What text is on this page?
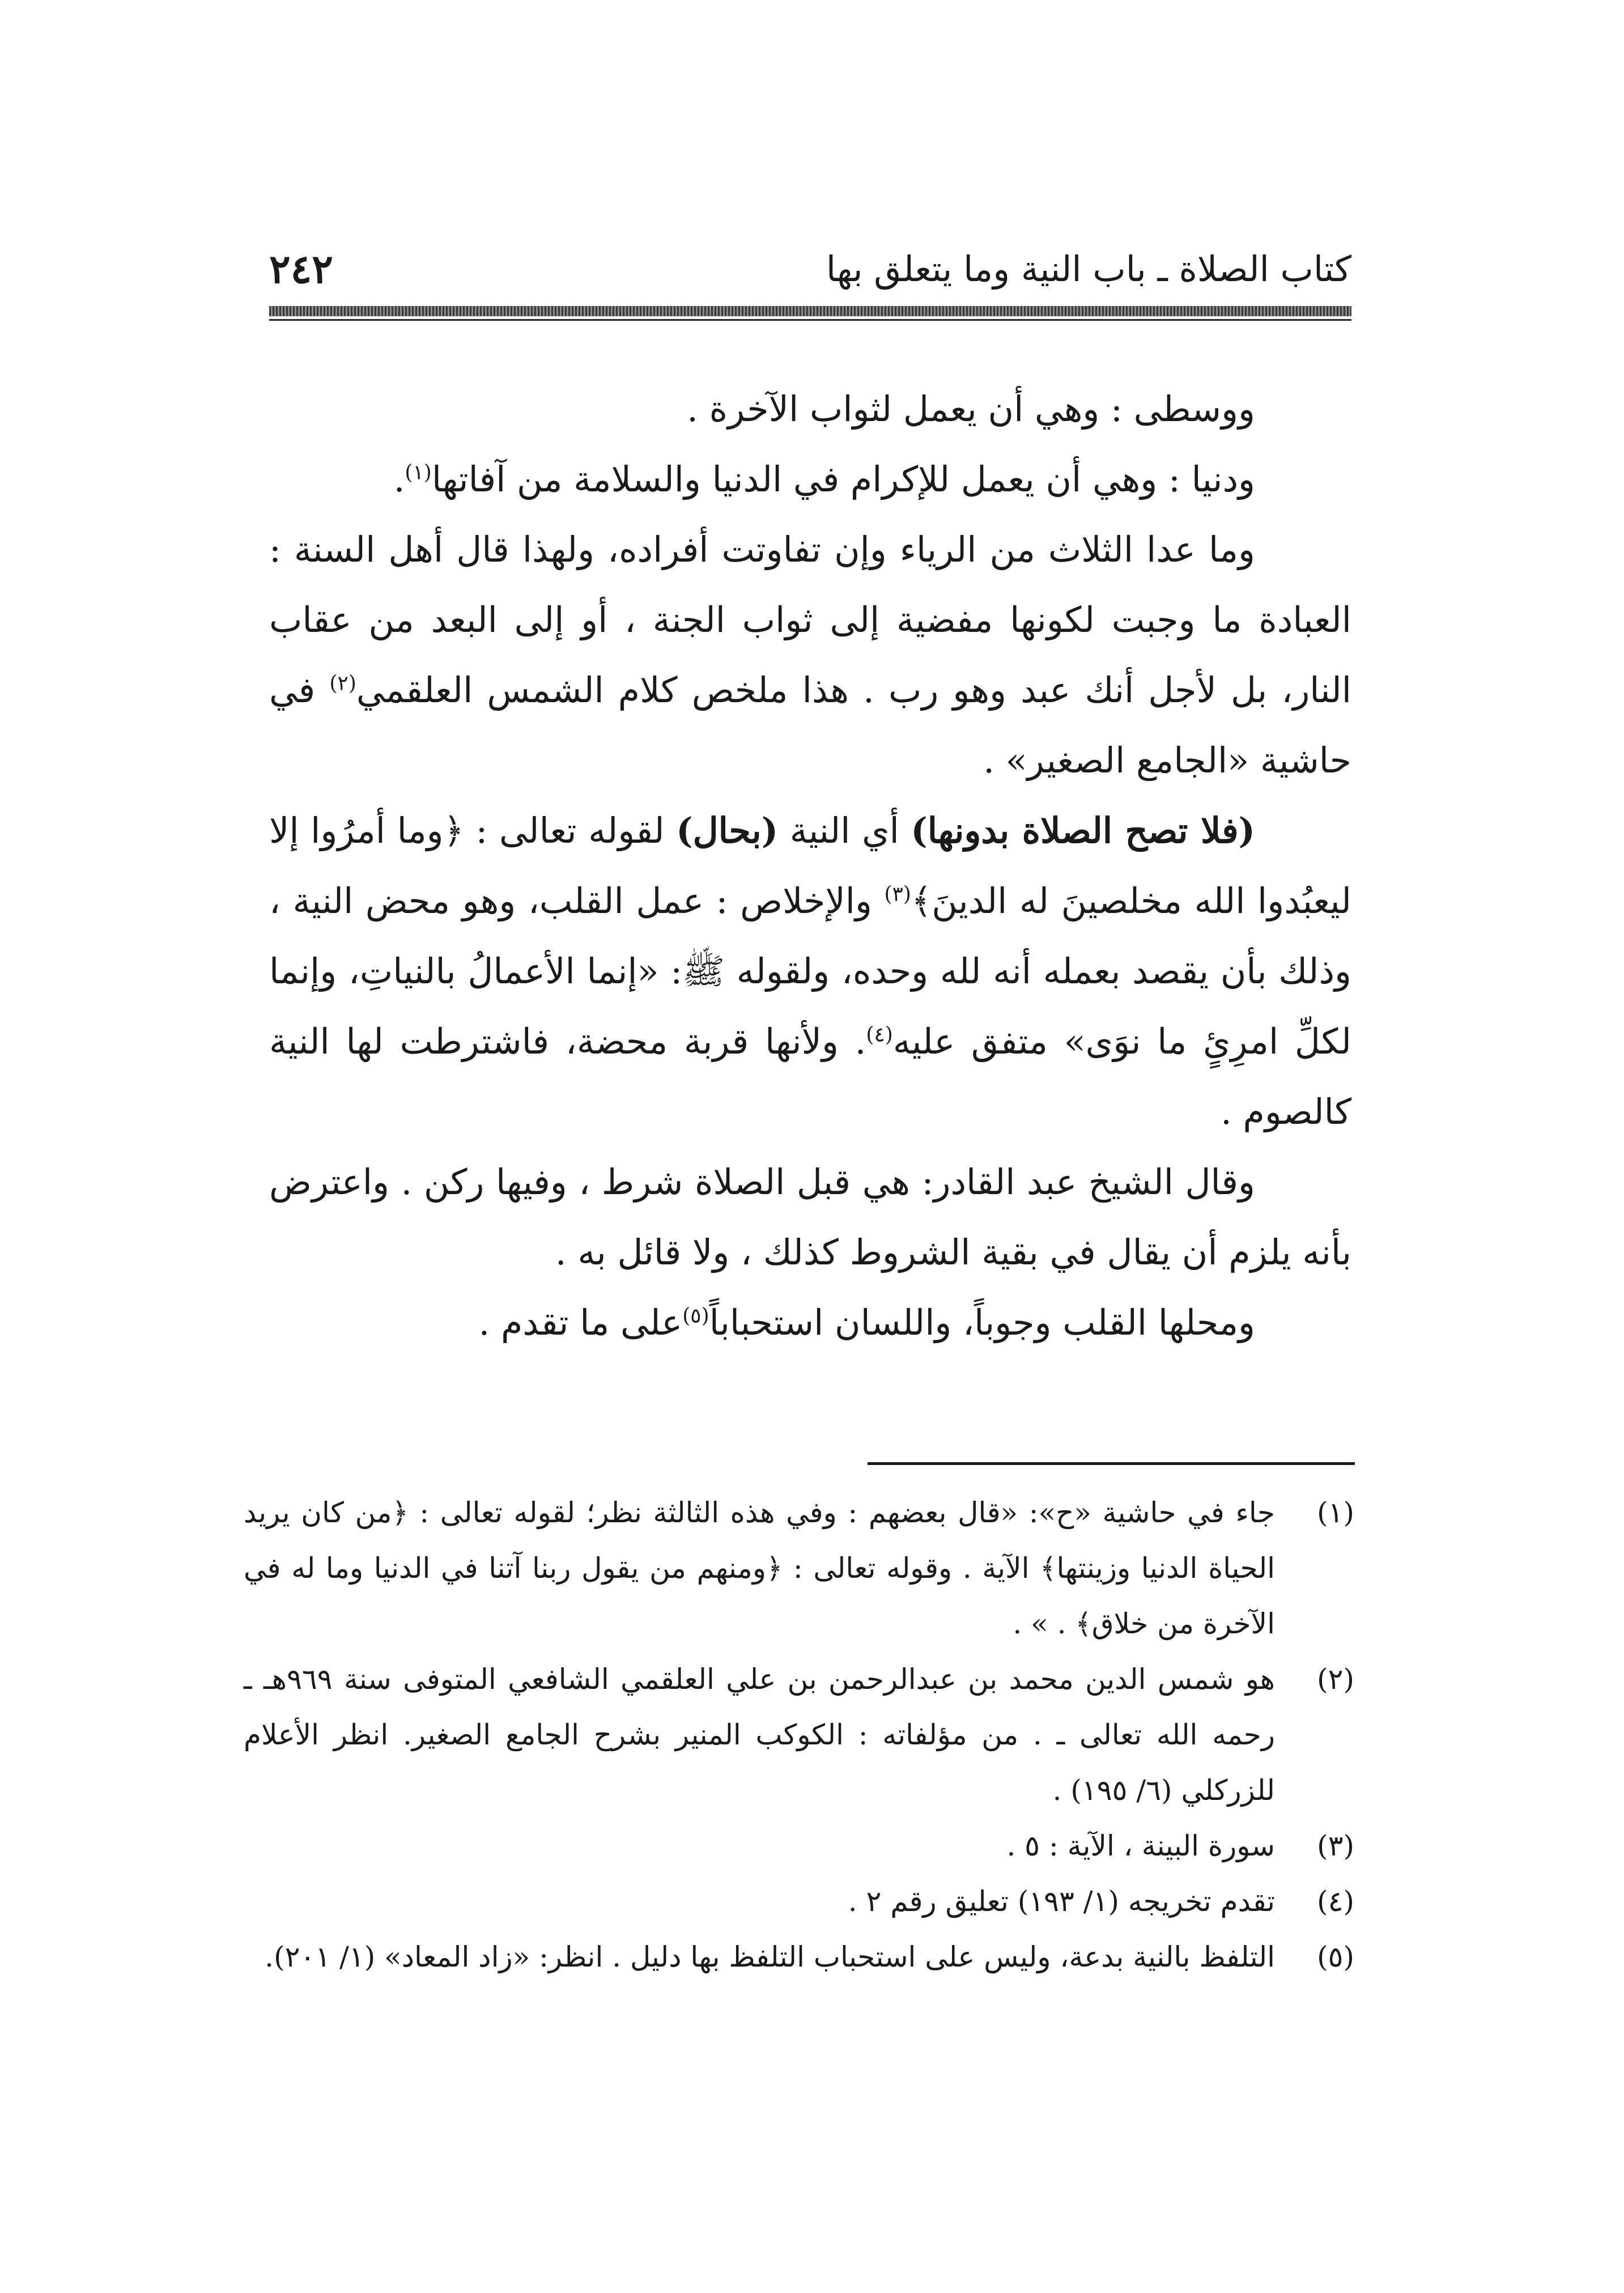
كتاب الصلاة ـ باب النية وما يتعلق بها
٢٤٢

ووسطى : وهي أن يعمل لثواب الآخرة .

ودنيا : وهي أن يعمل للإكرام في الدنيا والسلامة من آفاتها$^{(١)}$.

وما عدا الثلاث من الرياء وإن تفاوتت أفراده، ولهذا قال أهل السنة : العبادة ما وجبت لكونها مفضية إلى ثواب الجنة ، أو إلى البعد من عقاب النار، بل لأجل أنك عبد وهو رب . هذا ملخص كلام الشمس العلقمي$^{(٢)}$ في حاشية «الجامع الصغير» .

(فلا تصح الصلاة بدونها) أي النية (بحال) لقوله تعالى : ﴿وما أمرُوا إلا ليعبُدوا الله مخلصينَ له الدينَ﴾$^{(٣)}$ والإخلاص : عمل القلب، وهو محض النية ، وذلك بأن يقصد بعمله أنه لله وحده، ولقوله ﷺ: «إنما الأعمالُ بالنياتِ، وإنما لكلِّ امرِئٍ ما نوَى» متفق عليه$^{(٤)}$. ولأنها قربة محضة، فاشترطت لها النية كالصوم .

وقال الشيخ عبد القادر: هي قبل الصلاة شرط ، وفيها ركن . واعترض بأنه يلزم أن يقال في بقية الشروط كذلك ، ولا قائل به .

ومحلها القلب وجوباً، واللسان استحباباً$^{(٥)}$على ما تقدم .

(١)
جاء في حاشية «ح»: «قال بعضهم : وفي هذه الثالثة نظر؛ لقوله تعالى : ﴿من كان يريد الحياة الدنيا وزينتها﴾ الآية . وقوله تعالى : ﴿ومنهم من يقول ربنا آتنا في الدنيا وما له في الآخرة من خلاق﴾ . » .
(٢)
هو شمس الدين محمد بن عبدالرحمن بن علي العلقمي الشافعي المتوفى سنة ٩٦٩هـ ـ رحمه الله تعالى ـ . من مؤلفاته : الكوكب المنير بشرح الجامع الصغير. انظر الأعلام للزركلي (٦/ ١٩٥) .
(٣)
سورة البينة ، الآية : ٥ .
(٤)
تقدم تخريجه (١/ ١٩٣) تعليق رقم ٢ .
(٥)
التلفظ بالنية بدعة، وليس على استحباب التلفظ بها دليل . انظر: «زاد المعاد» (١/ ٢٠١).
